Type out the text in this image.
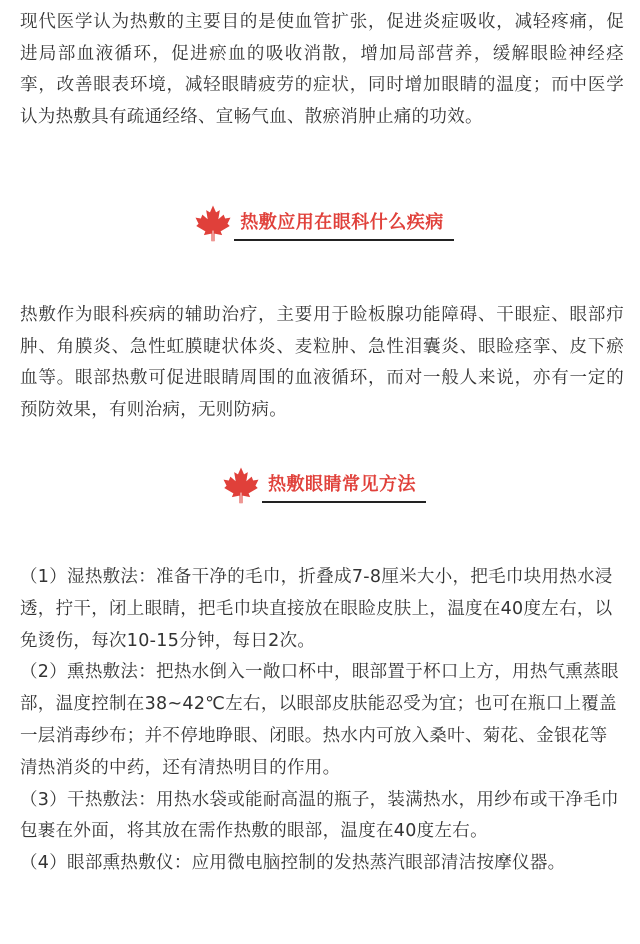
现代医学认为热敷的主要目的是使血管扩张，促进炎症吸收，减轻疼痛，促进局部血液循环，促进瘀血的吸收消散，增加局部营养，缓解眼睑神经痉挛，改善眼表环境，减轻眼睛疲劳的症状，同时增加眼睛的温度；而中医学认为热敷具有疏通经络、宣畅气血、散瘀消肿止痛的功效。

热敷应用在眼科什么疾病

热敷作为眼科疾病的辅助治疗，主要用于睑板腺功能障碍、干眼症、眼部疖肿、角膜炎、急性虹膜睫状体炎、麦粒肿、急性泪囊炎、眼睑痉挛、皮下瘀血等。眼部热敷可促进眼睛周围的血液循环，而对一般人来说，亦有一定的预防效果，有则治病，无则防病。

热敷眼睛常见方法

（1）湿热敷法：准备干净的毛巾，折叠成7-8厘米大小，把毛巾块用热水浸透，拧干，闭上眼睛，把毛巾块直接放在眼睑皮肤上，温度在40度左右，以免烫伤，每次10-15分钟，每日2次。

（2）熏热敷法：把热水倒入一敞口杯中，眼部置于杯口上方，用热气熏蒸眼部，温度控制在38~42℃左右，以眼部皮肤能忍受为宜；也可在瓶口上覆盖一层消毒纱布；并不停地睁眼、闭眼。热水内可放入桑叶、菊花、金银花等清热消炎的中药，还有清热明目的作用。

（3）干热敷法：用热水袋或能耐高温的瓶子，装满热水，用纱布或干净毛巾包裹在外面，将其放在需作热敷的眼部，温度在40度左右。

（4）眼部熏热敷仪：应用微电脑控制的发热蒸汽眼部清洁按摩仪器。
